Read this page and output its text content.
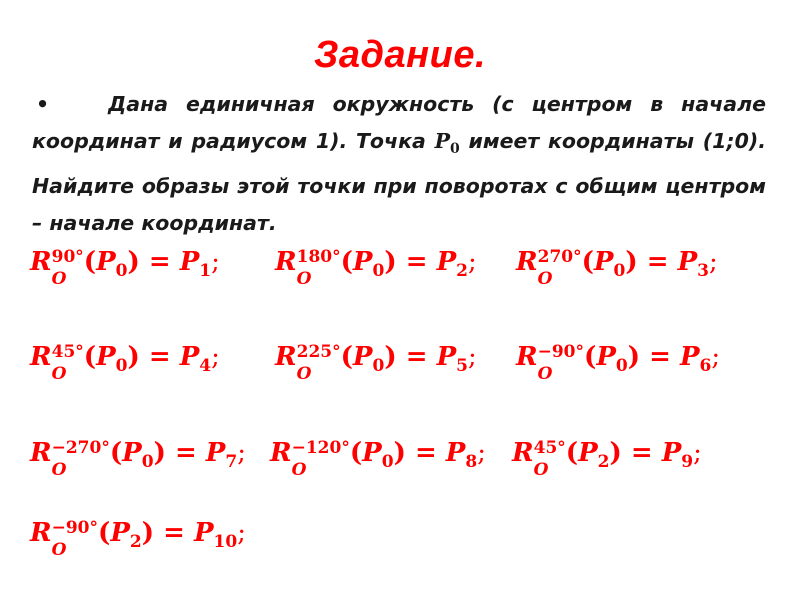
Задание.
•	Дана единичная окружность (с центром в начале координат и радиусом 1). Точка $P_0$ имеет координаты (1;0). Найдите образы этой точки при поворотах с общим центром – начале координат.
R90°
O
$(P_0) = P_1$; R180°
O
$(P_0) = P_2$; R270°
O
$(P_0) = P_3$;
R45°
O
$(P_0) = P_4$; R225°
O
$(P_0) = P_5$; R−90°
O
$(P_0) = P_6$;
R−270°
O
$(P_0) = P_7$; R−120°
O
$(P_0) = P_8$; R45°
O
$(P_2) = P_9$;
R−90°
O
$(P_2) = P_{10}$;
